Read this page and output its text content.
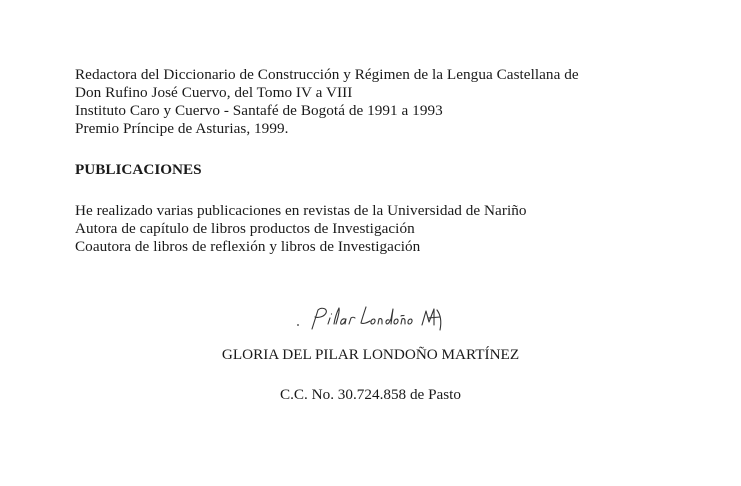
Redactora del Diccionario de Construcción y Régimen de la Lengua Castellana de
Don Rufino José Cuervo, del Tomo IV a VIII
Instituto Caro y Cuervo - Santafé de Bogotá de 1991 a 1993
Premio Príncipe de Asturias, 1999.
PUBLICACIONES
He realizado varias publicaciones en revistas de la Universidad de Nariño
Autora de capítulo de libros productos de Investigación
Coautora de libros de reflexión y libros de Investigación
GLORIA DEL PILAR LONDOÑO MARTÍNEZ
C.C. No. 30.724.858 de Pasto
